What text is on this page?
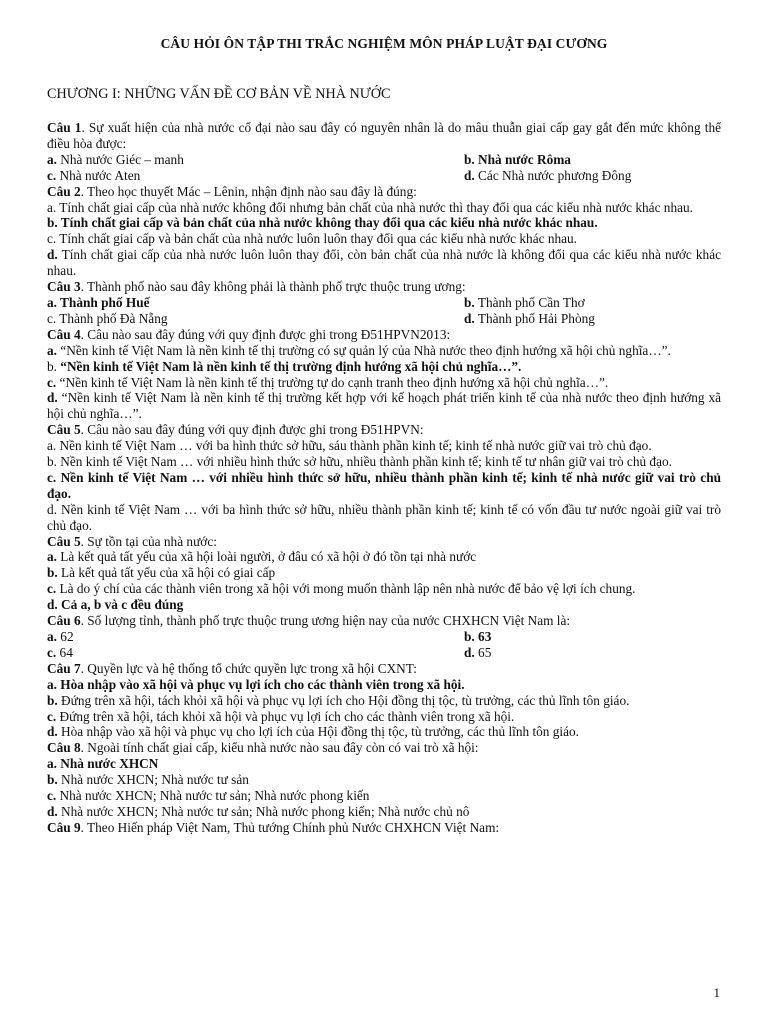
CÂU HỎI ÔN TẬP THI TRẮC NGHIỆM MÔN PHÁP LUẬT ĐẠI CƯƠNG
CHƯƠNG I: NHỮNG VẤN ĐỀ CƠ BẢN VỀ NHÀ NƯỚC

Câu 1. Sự xuất hiện của nhà nước cổ đại nào sau đây có nguyên nhân là do mâu thuẫn giai cấp gay gắt đến mức không thể điều hòa được:

a. Nhà nước Giéc – manh	b. Nhà nước Rôma
c. Nhà nước Aten	d. Các Nhà nước phương Đông

Câu 2. Theo học thuyết Mác – Lênin, nhận định nào sau đây là đúng:

a. Tính chất giai cấp của nhà nước không đổi nhưng bản chất của nhà nước thì thay đổi qua các kiểu nhà nước khác nhau.

b. Tính chất giai cấp và bản chất của nhà nước không thay đổi qua các kiểu nhà nước khác nhau.

c. Tính chất giai cấp và bản chất của nhà nước luôn luôn thay đổi qua các kiểu nhà nước khác nhau.

d. Tính chất giai cấp của nhà nước luôn luôn thay đổi, còn bản chất của nhà nước là không đổi qua các kiểu nhà nước khác nhau.

Câu 3. Thành phố nào sau đây không phải là thành phố trực thuộc trung ương:

a. Thành phố Huế	b. Thành phố Cần Thơ
c. Thành phố Đà Nẵng	d. Thành phố Hải Phòng

Câu 4. Câu nào sau đây đúng với quy định được ghi trong Đ51HPVN2013:

a. “Nền kinh tế Việt Nam là nền kinh tế thị trường có sự quản lý của Nhà nước theo định hướng xã hội chủ nghĩa…”.

b. “Nền kinh tế Việt Nam là nền kinh tế thị trường định hướng xã hội chủ nghĩa…”.

c. “Nền kinh tế Việt Nam là nền kinh tế thị trường tự do cạnh tranh theo định hướng xã hội chủ nghĩa…”.

d. “Nền kinh tế Việt Nam là nền kinh tế thị trường kết hợp với kế hoạch phát triển kinh tế của nhà nước theo định hướng xã hội chủ nghĩa…”.

Câu 5. Câu nào sau đây đúng với quy định được ghi trong Đ51HPVN:

a. Nền kinh tế Việt Nam … với ba hình thức sở hữu, sáu thành phần kinh tế; kinh tế nhà nước giữ vai trò chủ đạo.

b. Nền kinh tế Việt Nam … với nhiều hình thức sở hữu, nhiều thành phần kinh tế; kinh tế tư nhân giữ vai trò chủ đạo.

c. Nền kinh tế Việt Nam … với nhiều hình thức sở hữu, nhiều thành phần kinh tế; kinh tế nhà nước giữ vai trò chủ đạo.

d. Nền kinh tế Việt Nam … với ba hình thức sở hữu, nhiều thành phần kinh tế; kinh tế có vốn đầu tư nước ngoài giữ vai trò chủ đạo.

Câu 5. Sự tồn tại của nhà nước:

a. Là kết quả tất yếu của xã hội loài người, ở đâu có xã hội ở đó tồn tại nhà nước

b. Là kết quả tất yếu của xã hội có giai cấp

c. Là do ý chí của các thành viên trong xã hội với mong muốn thành lập nên nhà nước để bảo vệ lợi ích chung.

d. Cả a, b và c đều đúng

Câu 6. Số lượng tỉnh, thành phố trực thuộc trung ương hiện nay của nước CHXHCN Việt Nam là:

a. 62	b. 63
c. 64	d. 65

Câu 7. Quyền lực và hệ thống tổ chức quyền lực trong xã hội CXNT:

a. Hòa nhập vào xã hội và phục vụ lợi ích cho các thành viên trong xã hội.

b. Đứng trên xã hội, tách khỏi xã hội và phục vụ lợi ích cho Hội đồng thị tộc, tù trưởng, các thủ lĩnh tôn giáo.

c. Đứng trên xã hội, tách khỏi xã hội và phục vụ lợi ích cho các thành viên trong xã hội.

d. Hòa nhập vào xã hội và phục vụ cho lợi ích của Hội đồng thị tộc, tù trưởng, các thủ lĩnh tôn giáo.

Câu 8. Ngoài tính chất giai cấp, kiểu nhà nước nào sau đây còn có vai trò xã hội:

a. Nhà nước XHCN

b. Nhà nước XHCN; Nhà nước tư sản

c. Nhà nước XHCN; Nhà nước tư sản; Nhà nước phong kiến

d. Nhà nước XHCN; Nhà nước tư sản; Nhà nước phong kiến; Nhà nước chủ nô

Câu 9. Theo Hiến pháp Việt Nam, Thủ tướng Chính phủ Nước CHXHCN Việt Nam:

1
